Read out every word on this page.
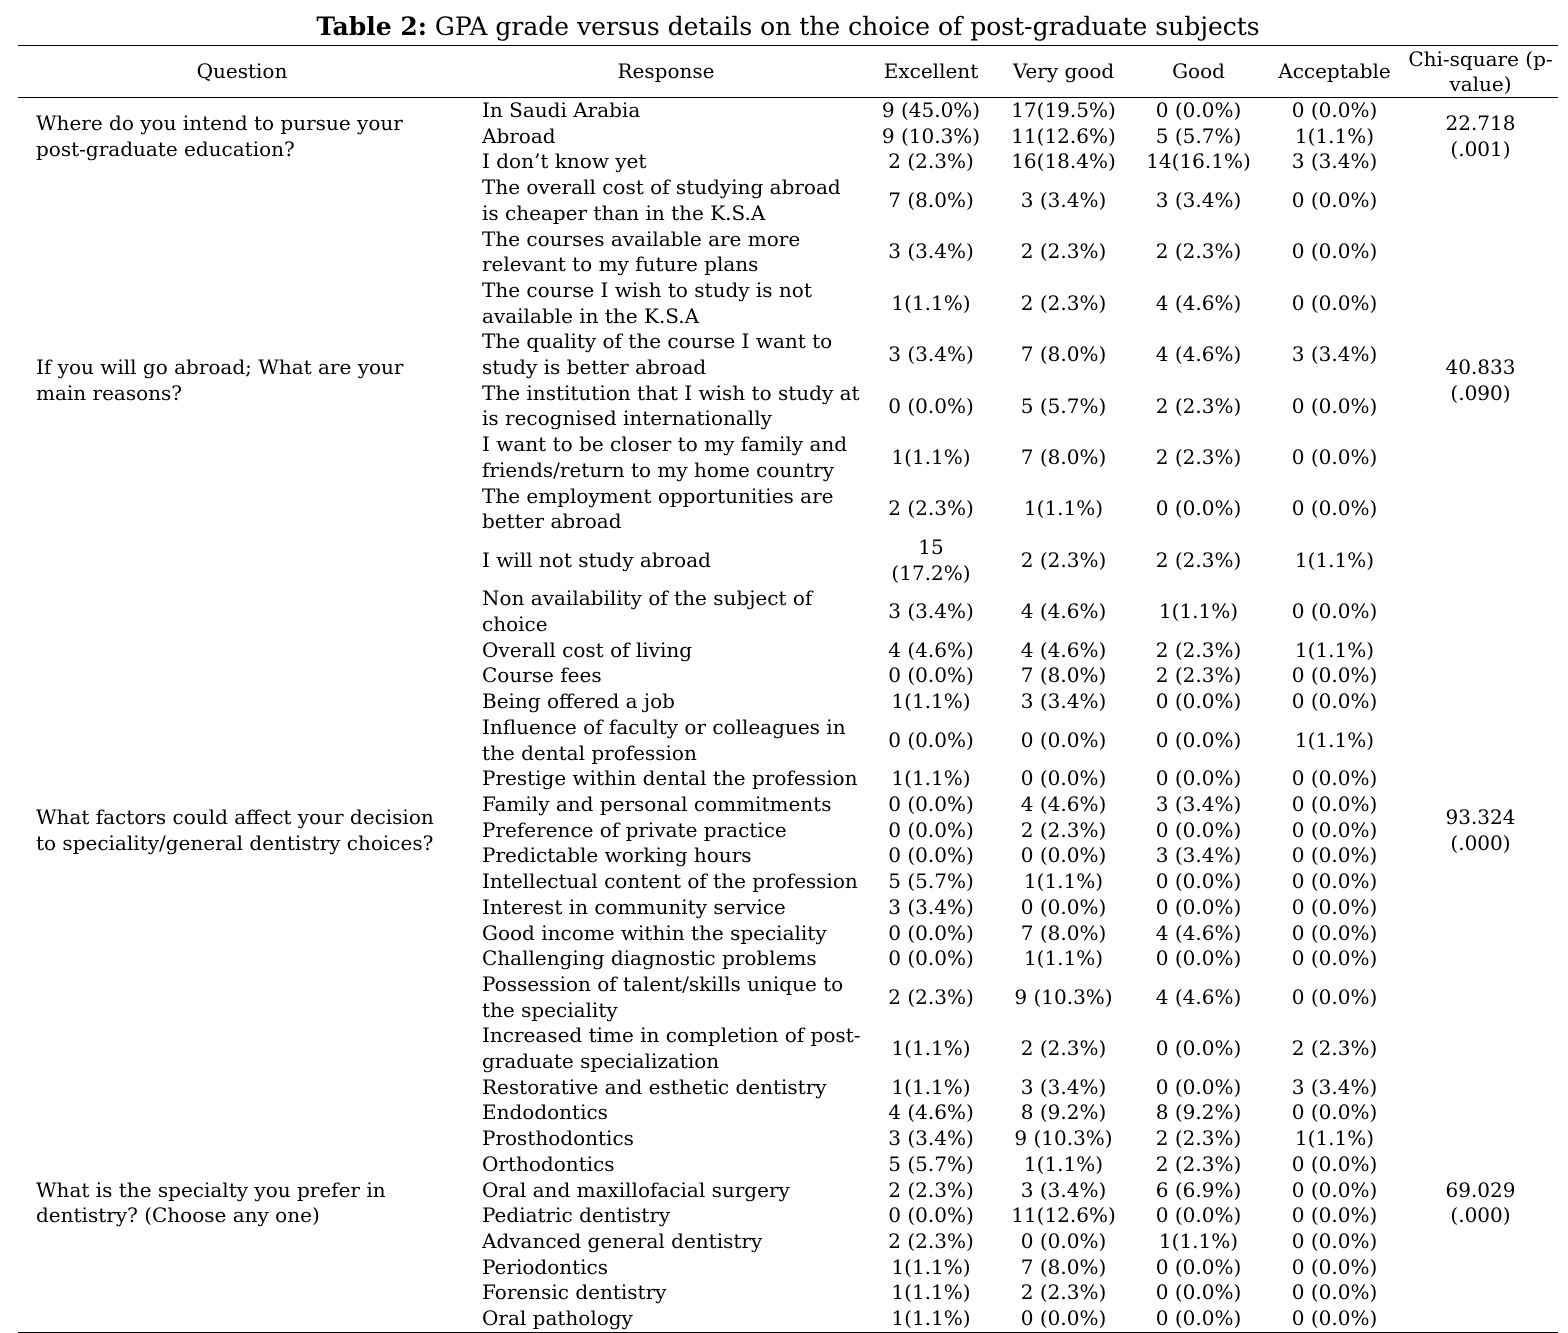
Table 2: GPA grade versus details on the choice of post-graduate subjects
Question	Response	Excellent	Very good	Good	Acceptable	Chi-square (p-value)
Where do you intend to pursue your post-graduate education?	In Saudi Arabia	9 (45.0%)	17(19.5%)	0 (0.0%)	0 (0.0%)	22.718
(.001)

	Abroad	9 (10.3%)	11(12.6%)	5 (5.7%)	1(1.1%)	
	I don’t know yet	2 (2.3%)	16(18.4%)	14(16.1%)	3 (3.4%)	
If you will go abroad; What are your main reasons?	The overall cost of studying abroad is cheaper than in the K.S.A	7 (8.0%)	3 (3.4%)	3 (3.4%)	0 (0.0%)	40.833
(.090)

	The courses available are more relevant to my future plans	3 (3.4%)	2 (2.3%)	2 (2.3%)	0 (0.0%)	
	The course I wish to study is not available in the K.S.A	1(1.1%)	2 (2.3%)	4 (4.6%)	0 (0.0%)	
	The quality of the course I want to study is better abroad	3 (3.4%)	7 (8.0%)	4 (4.6%)	3 (3.4%)	
	The institution that I wish to study at is recognised internationally	0 (0.0%)	5 (5.7%)	2 (2.3%)	0 (0.0%)	
	I want to be closer to my family and friends/return to my home country	1(1.1%)	7 (8.0%)	2 (2.3%)	0 (0.0%)	
	The employment opportunities are better abroad	2 (2.3%)	1(1.1%)	0 (0.0%)	0 (0.0%)	
	I will not study abroad	15 (17.2%)	2 (2.3%)	2 (2.3%)	1(1.1%)	
What factors could affect your decision to speciality/general dentistry choices?	Non availability of the subject of choice	3 (3.4%)	4 (4.6%)	1(1.1%)	0 (0.0%)	93.324
(.000)

	Overall cost of living	4 (4.6%)	4 (4.6%)	2 (2.3%)	1(1.1%)	
	Course fees	0 (0.0%)	7 (8.0%)	2 (2.3%)	0 (0.0%)	
	Being offered a job	1(1.1%)	3 (3.4%)	0 (0.0%)	0 (0.0%)	
	Influence of faculty or colleagues in the dental profession	0 (0.0%)	0 (0.0%)	0 (0.0%)	1(1.1%)	
	Prestige within dental the profession	1(1.1%)	0 (0.0%)	0 (0.0%)	0 (0.0%)	
	Family and personal commitments	0 (0.0%)	4 (4.6%)	3 (3.4%)	0 (0.0%)	
	Preference of private practice	0 (0.0%)	2 (2.3%)	0 (0.0%)	0 (0.0%)	
	Predictable working hours	0 (0.0%)	0 (0.0%)	3 (3.4%)	0 (0.0%)	
	Intellectual content of the profession	5 (5.7%)	1(1.1%)	0 (0.0%)	0 (0.0%)	
	Interest in community service	3 (3.4%)	0 (0.0%)	0 (0.0%)	0 (0.0%)	
	Good income within the speciality	0 (0.0%)	7 (8.0%)	4 (4.6%)	0 (0.0%)	
	Challenging diagnostic problems	0 (0.0%)	1(1.1%)	0 (0.0%)	0 (0.0%)	
	Possession of talent/skills unique to the speciality	2 (2.3%)	9 (10.3%)	4 (4.6%)	0 (0.0%)	
	Increased time in completion of post-graduate specialization	1(1.1%)	2 (2.3%)	0 (0.0%)	2 (2.3%)	
What is the specialty you prefer in dentistry? (Choose any one)	Restorative and esthetic dentistry	1(1.1%)	3 (3.4%)	0 (0.0%)	3 (3.4%)	69.029
(.000)

	Endodontics	4 (4.6%)	8 (9.2%)	8 (9.2%)	0 (0.0%)	
	Prosthodontics	3 (3.4%)	9 (10.3%)	2 (2.3%)	1(1.1%)	
	Orthodontics	5 (5.7%)	1(1.1%)	2 (2.3%)	0 (0.0%)	
	Oral and maxillofacial surgery	2 (2.3%)	3 (3.4%)	6 (6.9%)	0 (0.0%)	
	Pediatric dentistry	0 (0.0%)	11(12.6%)	0 (0.0%)	0 (0.0%)	
	Advanced general dentistry	2 (2.3%)	0 (0.0%)	1(1.1%)	0 (0.0%)	
	Periodontics	1(1.1%)	7 (8.0%)	0 (0.0%)	0 (0.0%)	
	Forensic dentistry	1(1.1%)	2 (2.3%)	0 (0.0%)	0 (0.0%)	
	Oral pathology	1(1.1%)	0 (0.0%)	0 (0.0%)	0 (0.0%)	
